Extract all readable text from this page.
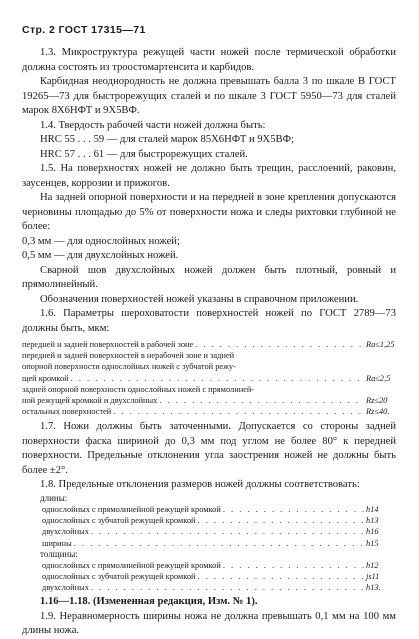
Стр. 2 ГОСТ 17315—71

1.3. Микроструктура режущей части ножей после термической обработки должна состоять из троостомартенсита и карбидов.

Карбидная неоднородность не должна превышать балла 3 по шкале В ГОСТ 19265—73 для быстрорежущих сталей и по шкале 3 ГОСТ 5950—73 для сталей марок 8Х6НФТ и 9Х5ВФ.

1.4. Твердость рабочей части ножей должна быть:

HRC 55 . . . 59 — для сталей марок 85Х6НФТ и 9Х5ВФ;

HRC 57 . . . 61 — для быстрорежущих сталей.

1.5. На поверхностях ножей не должно быть трещин, расслоений, раковин, заусенцев, коррозии и прижогов.

На задней опорной поверхности и на передней в зоне крепления допускаются черновины площадью до 5% от поверхности ножа и следы рихтовки глубиной не более:

0,3 мм — для однослойных ножей;

0,5 мм — для двухслойных ножей.

Сварной шов двухслойных ножей должен быть плотный, ровный и прямолинейный.

Обозначения поверхностей ножей указаны в справочном приложении.

1.6. Параметры шероховатости поверхностей ножей по ГОСТ 2789—73 должны быть, мкм:

передней и задней поверхностей в рабочей зоне . . .	Ra≤1,25
передней и задней поверхностей в нерабочей зоне и задней
опорной поверхности однослойных ножей с зубчатой режу-
щей кромкой . . .	Ra≤2,5
задней опорной поверхности однослойных ножей с прямолиней-
ной режущей кромкой и двухслойных . . .	Rz≤20
остальных поверхностей . . .	Rz≤40.

1.7. Ножи должны быть заточенными. Допускается со стороны задней поверхности фаска шириной до 0,3 мм под углом не более 80° к передней поверхности. Предельные отклонения угла заострения ножей не должны быть более ±2°.

1.8. Предельные отклонения размеров ножей должны соответствовать:

длины:
однослойных с прямолинейной режущей кромкой . . .	h14
однослойных с зубчатой режущей кромкой . . .	h13
двухслойных . . .	h16
ширины . . .	h15
толщины:
однослойных с прямолинейной режущей кромкой . . .	h12
однослойных с зубчатой режущей кромкой . . .	js11
двухслойных . . .	h13.

1.16—1.18. (Измененная редакция, Изм. № 1).

1.9. Неравномерность ширины ножа не должна превышать 0,1 мм на 100 мм длины ножа.
